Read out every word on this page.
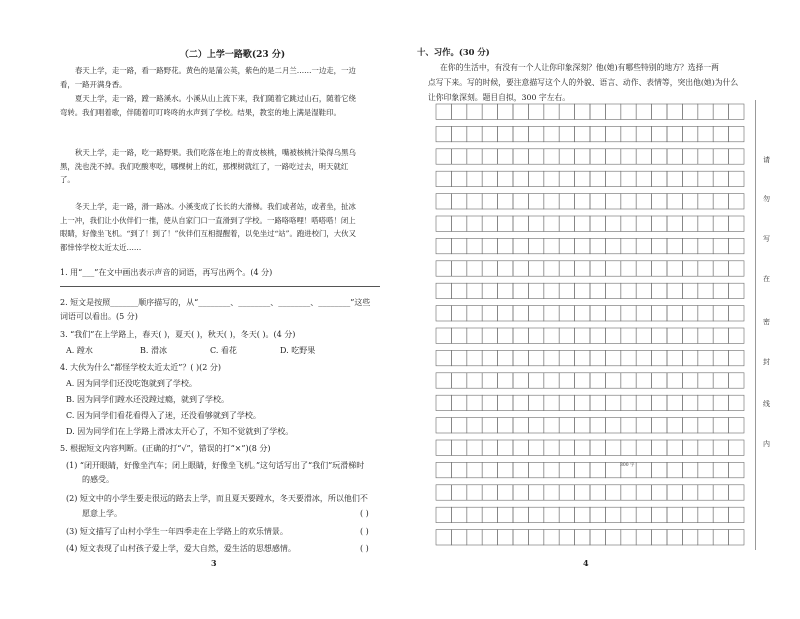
（二）上学一路歌(23 分)
春天上学，走一路，看一路野花。黄色的是蒲公英，紫色的是二月兰……一边走，一边看，一路开满身香。
夏天上学，走一路，蹚一路溪水。小溪从山上流下来，我们随着它跳过山石，随着它绕弯转。我们唱着歌，伴随着叮叮咚咚的水声到了学校。结果，教室的地上满是湿鞋印。
秋天上学，走一路，吃一路野果。我们吃落在地上的青皮核桃，嘴被核桃汁染得乌黑乌黑，洗也洗不掉。我们吃酸枣吃，哪棵树上的红，那棵树就红了，一路吃过去，明天就红了。
冬天上学，走一路，滑一路冰。小溪变成了长长的大滑梯。我们或者站，或者坐，扯冰上一冲，我们让小伙伴们一推，使从自家门口一直滑到了学校。一路咯咯哩！嗒嗒嗒！闭上眼睛，好像坐飞机。“到了！到了！”伙伴们互相提醒着，以免坐过“站”。跑进校门，大伙又都悻悻学校太近太近……
1. 用“___”在文中画出表示声音的词语，再写出两个。(4 分)
2. 短文是按照_______顺序描写的，从“________、________、________、________”这些
词语可以看出。(5 分)
3. “我们”在上学路上，春天( )，夏天( )，秋天( )，冬天( )。(4 分)
A. 蹚水	B. 滑冰	C. 看花	D. 吃野果
4. 大伙为什么“都怪学校太近太近”？( )(2 分)
A. 因为同学们还没吃饱就到了学校。
B. 因为同学们蹚水还没蹚过瘾，就到了学校。
C. 因为同学们看花看得入了迷，还没看够就到了学校。
D. 因为同学们在上学路上滑冰太开心了，不知不觉就到了学校。
5. 根据短文内容判断。(正确的打“√”，错误的打“×”)(8 分)
(1) “闭开眼睛，好像坐汽车；闭上眼睛，好像坐飞机。”这句话写出了“我们”玩滑梯时
的感受。
(2) 短文中的小学生要走很远的路去上学，而且夏天要蹚水，冬天要滑冰，所以他们不
愿意上学。	( )
(3) 短文描写了山村小学生一年四季走在上学路上的欢乐情景。	( )
(4) 短文表现了山村孩子爱上学，爱大自然，爱生活的思想感情。	( )
3
十、习作。(30 分)
在你的生活中，有没有一个人让你印象深刻？他(她)有哪些特别的地方？选择一两
点写下来。写的时候，要注意描写这个人的外貌、语言、动作、表情等，突出他(她)为什么
让你印象深刻。题目自拟，300 字左右。
300 字
请
勿
写
在
密
封
线
内
4
